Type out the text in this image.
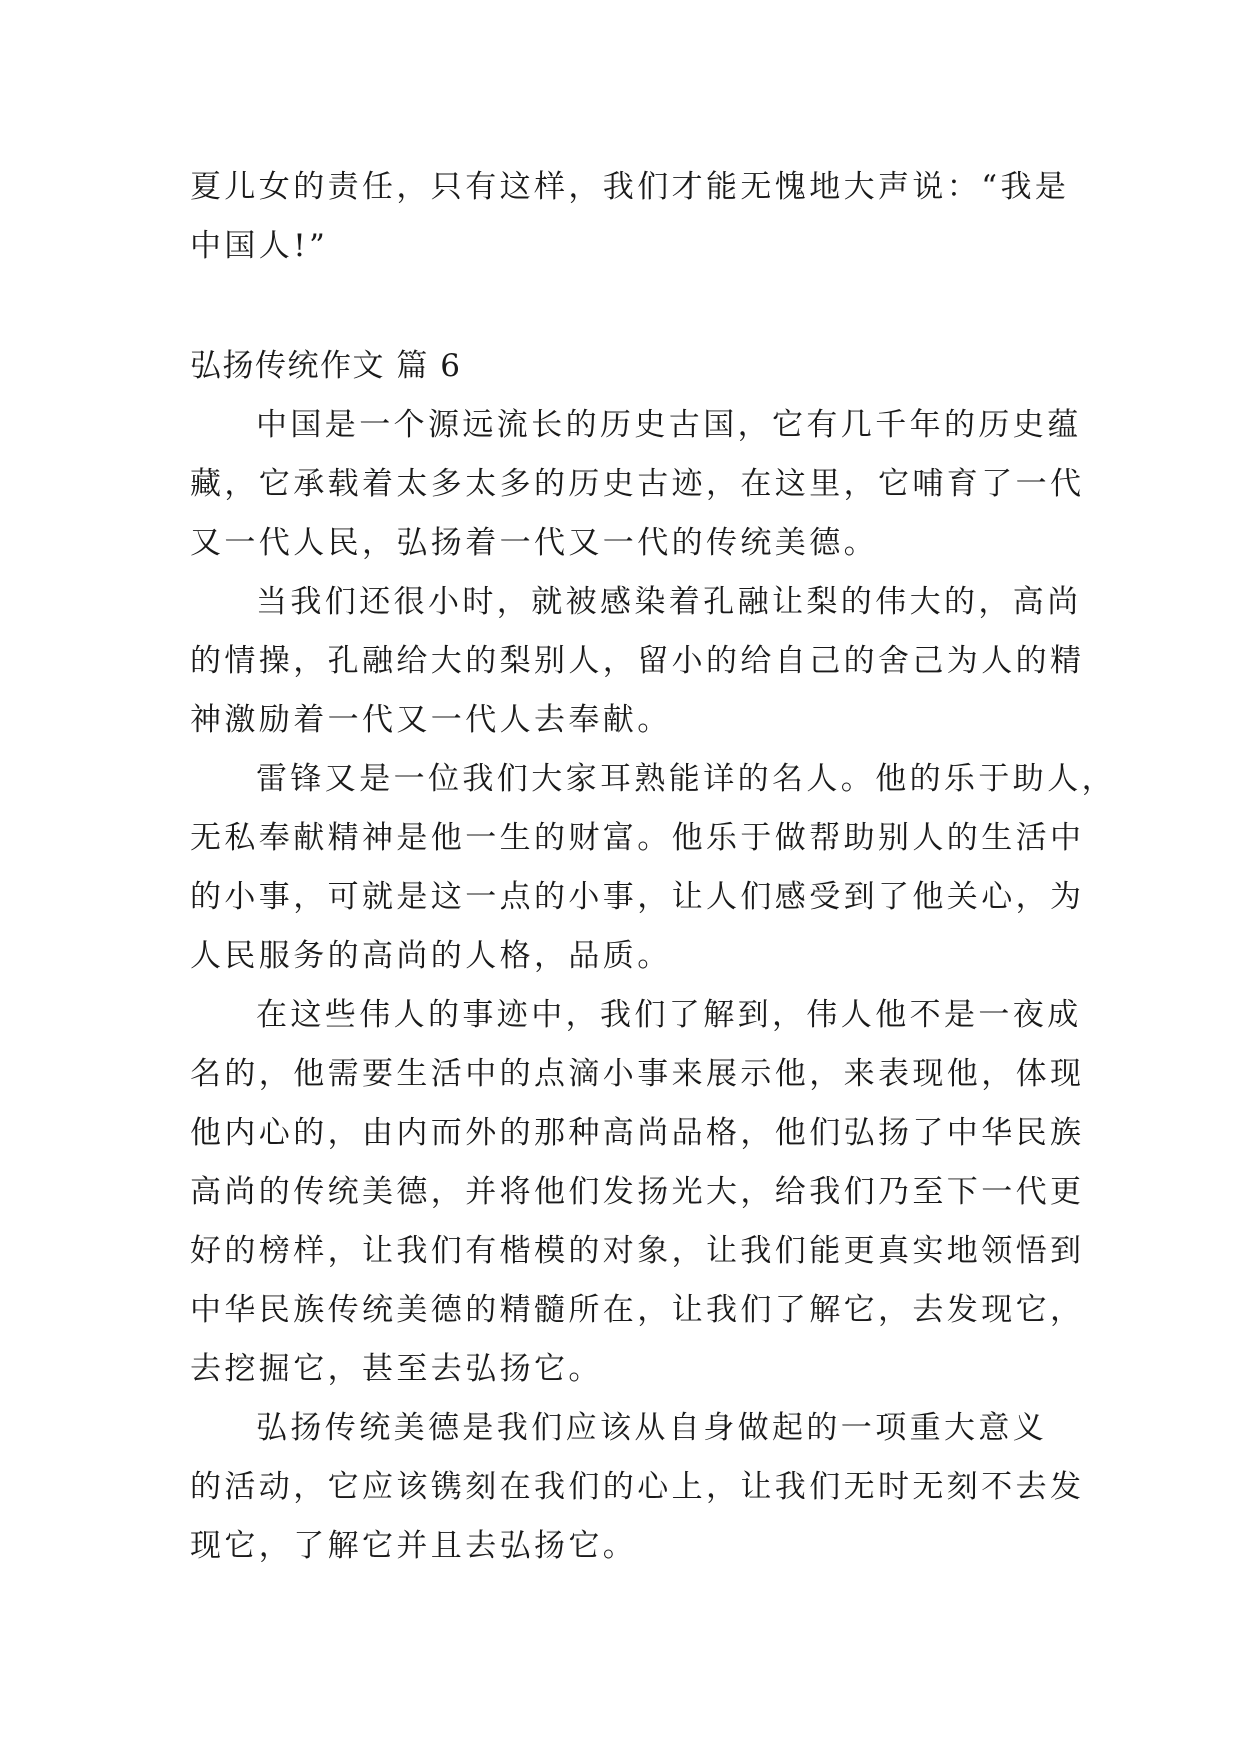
夏儿女的责任，只有这样，我们才能无愧地大声说：“我是
中国人!”
弘扬传统作文 篇 6
中国是一个源远流长的历史古国，它有几千年的历史蕴
藏，它承载着太多太多的历史古迹，在这里，它哺育了一代
又一代人民，弘扬着一代又一代的传统美德。
当我们还很小时，就被感染着孔融让梨的伟大的，高尚
的情操，孔融给大的梨别人，留小的给自己的舍己为人的精
神激励着一代又一代人去奉献。
雷锋又是一位我们大家耳熟能详的名人。他的乐于助人，
无私奉献精神是他一生的财富。他乐于做帮助别人的生活中
的小事，可就是这一点的小事，让人们感受到了他关心，为
人民服务的高尚的人格，品质。
在这些伟人的事迹中，我们了解到，伟人他不是一夜成
名的，他需要生活中的点滴小事来展示他，来表现他，体现
他内心的，由内而外的那种高尚品格，他们弘扬了中华民族
高尚的传统美德，并将他们发扬光大，给我们乃至下一代更
好的榜样，让我们有楷模的对象，让我们能更真实地领悟到
中华民族传统美德的精髓所在，让我们了解它，去发现它，
去挖掘它，甚至去弘扬它。
弘扬传统美德是我们应该从自身做起的一项重大意义
的活动，它应该镌刻在我们的心上，让我们无时无刻不去发
现它，了解它并且去弘扬它。
